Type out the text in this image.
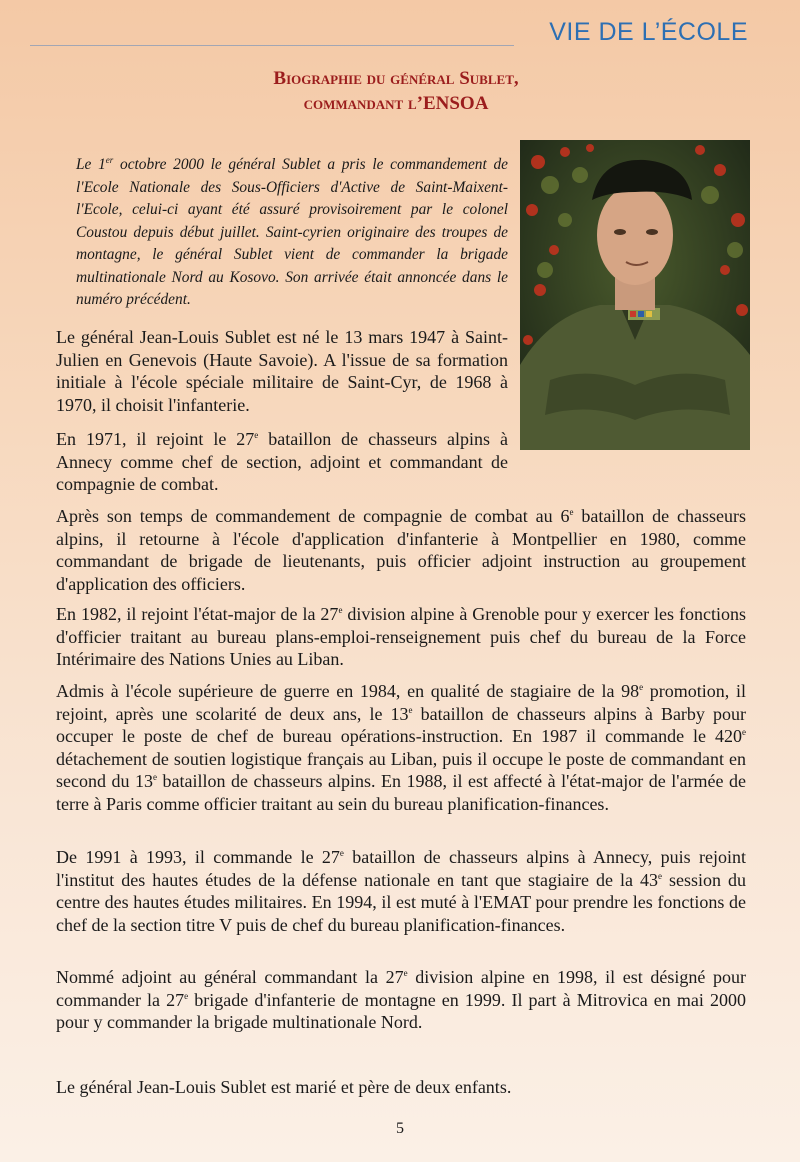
VIE DE L’ÉCOLE
Biographie du général Sublet,
commandant l’ENSOA
Le 1er octobre 2000 le général Sublet a pris le commandement de l'Ecole Nationale des Sous-Officiers d'Active de Saint-Maixent-l'Ecole, celui-ci ayant été assuré provisoirement par le colonel Coustou depuis début juillet. Saint-cyrien originaire des troupes de montagne, le général Sublet vient de commander la brigade multinationale Nord au Kosovo. Son arrivée était annoncée dans le numéro précédent.
Le général Jean-Louis Sublet est né le 13 mars 1947 à Saint-Julien en Genevois (Haute Savoie). A l'issue de sa formation initiale à l'école spéciale militaire de Saint-Cyr, de 1968 à 1970, il choisit l'infanterie.
En 1971, il rejoint le 27e bataillon de chasseurs alpins à Annecy comme chef de section, adjoint et commandant de compagnie de combat.
Après son temps de commandement de compagnie de combat au 6e bataillon de chasseurs alpins, il retourne à l'école d'application d'infanterie à Montpellier en 1980, comme commandant de brigade de lieutenants, puis officier adjoint instruction au groupement d'application des officiers.
En 1982, il rejoint l'état-major de la 27e division alpine à Grenoble pour y exercer les fonctions d'officier traitant au bureau plans-emploi-renseignement puis chef du bureau de la Force Intérimaire des Nations Unies au Liban.
Admis à l'école supérieure de guerre en 1984, en qualité de stagiaire de la 98e promotion, il rejoint, après une scolarité de deux ans, le 13e bataillon de chasseurs alpins à Barby pour occuper le poste de chef de bureau opérations-instruction. En 1987 il commande le 420e détachement de soutien logistique français au Liban, puis il occupe le poste de commandant en second du 13e bataillon de chasseurs alpins. En 1988, il est affecté à l'état-major de l'armée de terre à Paris comme officier traitant au sein du bureau planification-finances.
De 1991 à 1993, il commande le 27e bataillon de chasseurs alpins à Annecy, puis rejoint l'institut des hautes études de la défense nationale en tant que stagiaire de la 43e session du centre des hautes études militaires. En 1994, il est muté à l'EMAT pour prendre les fonctions de chef de la section titre V puis de chef du bureau planification-finances.
Nommé adjoint au général commandant la 27e division alpine en 1998, il est désigné pour commander la 27e brigade d'infanterie de montagne en 1999. Il part à Mitrovica en mai 2000 pour y commander la brigade multinationale Nord.
Le général Jean-Louis Sublet est marié et père de deux enfants.
5
